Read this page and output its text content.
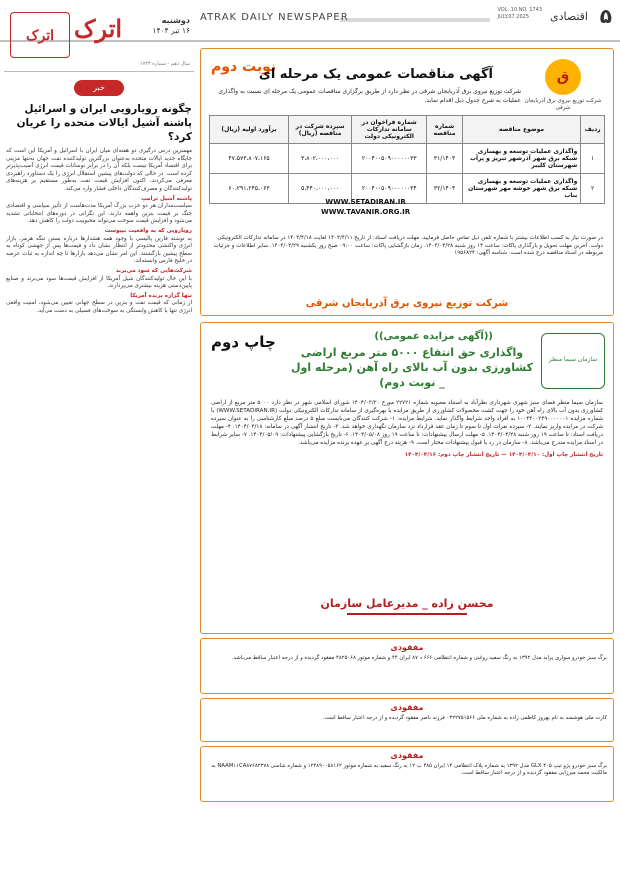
۵
اقتصادی
VOL. 10.NO. 1743
JULY.07.2025
ATRAK DAILY NEWSPAPER
اترک اترک	دوشنبه
۱۶ تیر ۱۴۰۴
سال دهم - شماره ۱۷۴۳
خبر
چگونه رویارویی ایران و اسرائیل پاشنه آشیل ایالات متحده را عریان کرد؟

مهمترین درس درگیری دو هفته‌ای میان ایران با اسرائیل و آمریکا این است که جایگاه جدید ایالات متحده به‌عنوان بزرگترین تولیدکننده نفت جهان نه‌تنها مزیتی برای اقتصاد آمریکا نیست بلکه آن را در برابر نوسانات قیمت انرژی آسیب‌پذیرتر کرده است. در حالی که دولت‌های پیشین استقلال انرژی را یک دستاورد راهبردی معرفی می‌کردند، اکنون افزایش قیمت نفت به‌طور مستقیم بر هزینه‌های تولیدکنندگان و مصرف‌کنندگان داخلی فشار وارد می‌کند.

پاشنه آشیل ترامپ

سیاست‌مداران هر دو حزب بزرگ آمریکا مدت‌هاست از تأثیر سیاسی و اقتصادی جنگ بر قیمت بنزین واهمه دارند. این نگرانی در دوره‌های انتخاباتی تشدید می‌شود و افزایش قیمت سوخت می‌تواند محبوبیت دولت را کاهش دهد.

رویارویی که به واقعیت نپیوست

به نوشته فارین پالیسی با وجود همه هشدارها درباره بستن تنگه هرمز، بازار انرژی واکنشی محدودتر از انتظار نشان داد و قیمت‌ها پس از جهشی کوتاه به سطح پیشین بازگشتند. این امر نشان می‌دهد بازارها تا چه اندازه به ثبات عرضه در خلیج فارس وابسته‌اند.

شرکت‌هایی که سود می‌برند

با این حال تولیدکنندگان شیل آمریکا از افزایش قیمت‌ها سود می‌برند و صنایع پایین‌دستی هزینه بیشتری می‌پردازند.

تنها گزاره برنده آمریکا

از زمانی که قیمت نفت و بنزین در سطح جهانی تعیین می‌شود، امنیت واقعی انرژی تنها با کاهش وابستگی به سوخت‌های فسیلی به دست می‌آید.

نوبت دوم
آگهی مناقصات عمومی یک مرحله ای	ق
شرکت توزیع نیروی برق آذربایجان شرقی
شرکت توزیع نیروی برق آذربایجان شرقی در نظر دارد از طریق برگزاری مناقصات عمومی یک مرحله ای نسبت به واگذاری عملیات به شرح جدول ذیل اقدام نماید.
ردیف	موضوع مناقصه	شماره مناقصه	شماره فراخوان در سامانه تدارکات الکترونیکی دولت	سپرده شرکت در مناقصه (ریال)	برآورد اولیه (ریال)
۱	واگذاری عملیات توسعه و بهسازی شبکه برق شهر آذرشهر تبریز و پرآب شهرستان کلیبر	۳۱/۱۴۰۴	۲۰۰۴۰۰۵۰۹۰۰۰۰۰۰۳۳	۳،۸۰۲،۰۰۰،۰۰۰	۴۷،۵۷۳،۸۰۷،۱۶۵
۲	واگذاری عملیات توسعه و بهسازی شبکه برق شهر خوشه مهر شهرستان بناب	۳۲/۱۴۰۴	۲۰۰۴۰۰۵۰۹۰۰۰۰۰۰۳۴	۵،۴۴۰،۰۰۰،۰۰۰	۶۰،۲۹۱،۲۴۵،۰۶۳
در صورت نیاز به کسب اطلاعات بیشتر با شماره تلفن ذیل تماس حاصل فرمایید. مهلت دریافت اسناد: از تاریخ ۱۴۰۴/۴/۱۱ لغایت ۱۴۰۴/۴/۱۸ در سامانه تدارکات الکترونیکی دولت. آخرین مهلت تحویل و بارگذاری پاکات: ساعت ۱۴ روز شنبه ۱۴۰۴/۰۴/۲۸. زمان بازگشایی پاکات: ساعت ۰۹:۰۰ صبح روز یکشنبه ۱۴۰۴/۰۴/۲۹. سایر اطلاعات و جزئیات مربوطه در اسناد مناقصه درج شده است. شناسه آگهی: ۱۹۵۶۸۲۴
WWW.SETADIRAN.IR
WWW.TAVANIR.ORG.IR
شرکت توزیع نیروی برق آذربایجان شرقی
چاپ دوم	((آگهی مزایده عمومی))
واگذاری حق انتفاع ۵۰۰۰ متر مربع اراضی کشاورزی بدون آب بالای راه آهن (مرحله اول _ نوبت دوم)
سازمان سیما منظر

سازمان سیما منظر فضای سبز شهری شهرداری نظرآباد به استناد مصوبه شماره ۲۲۷۲۱ مورخ ۱۴۰۴/۰۳/۲۰ شورای اسلامی شهر در نظر دارد ۵۰۰۰ متر مربع از اراضی کشاورزی بدون آب بالای راه آهن خود را جهت کشت محصولات کشاورزی از طریق مزایده با بهره‌گیری از سامانه تدارکات الکترونیکی دولت (WWW.SETADIRAN.IR) با شماره مزایده ۱۰۰۴۴۰۰۲۴۹۰۰۰۰۰۰۱ به افراد واجد شرایط واگذار نماید. شرایط مزایده: ۱- شرکت کنندگان می‌بایست مبلغ ۵ درصد مبلغ کارشناسی را به عنوان سپرده شرکت در مزایده واریز نمایند. ۲- سپرده نفرات اول تا سوم تا زمان عقد قرارداد نزد سازمان نگهداری خواهد شد. ۳- تاریخ انتشار آگهی در سامانه: ۱۴۰۴/۰۴/۱۸. ۴- مهلت دریافت اسناد: تا ساعت ۱۹ روز شنبه ۱۴۰۴/۰۴/۲۸. ۵- مهلت ارسال پیشنهادات: تا ساعت ۱۹ روز ۱۴۰۴/۰۵/۰۸. ۶- تاریخ بازگشایی پیشنهادات: ۱۴۰۴/۰۵/۰۹. ۷- سایر شرایط در اسناد مزایده مندرج می‌باشد. ۸- سازمان در رد یا قبول پیشنهادات مختار است. ۹- هزینه درج آگهی بر عهده برنده مزایده می‌باشد.

تاریخ انتشار چاپ اول: ۱۴۰۴/۰۴/۱۰ — تاریخ انتشار چاپ دوم: ۱۴۰۴/۰۴/۱۶

محسن زاده _ مدیرعامل سازمان
مفقودی
برگ سبز خودرو سواری پراید مدل ۱۳۹۲ به رنگ سفید روغنی و شماره انتظامی ۶۶۶ د ۸۷ ایران ۴۴ و شماره موتور ۴۸۲۵۰۶۸ مفقود گردیده و از درجه اعتبار ساقط می‌باشد.
مفقودی
کارت ملی هوشمند به نام بهروز کاظمی زاده به شماره ملی ۰۳۲۲۷۵۱۵۶۶ فرزند ناصر مفقود گردیده و از درجه اعتبار ساقط است.
مفقودی
برگ سبز خودرو پژو تیپ ۴۰۵ GLX مدل ۱۳۹۲ به شماره پلاک انتظامی ۱۴ ایران ۴۸۵ ب ۱۲ به رنگ سفید به شماره موتور ۱۲۴۸۹۰۰۵۸۱۶۲ و شماره شاسی NAAM۱۱CA۸۷۶۸۲۳۷۸ به مالکیت محمد میرزایی مفقود گردیده و از درجه اعتبار ساقط است.
